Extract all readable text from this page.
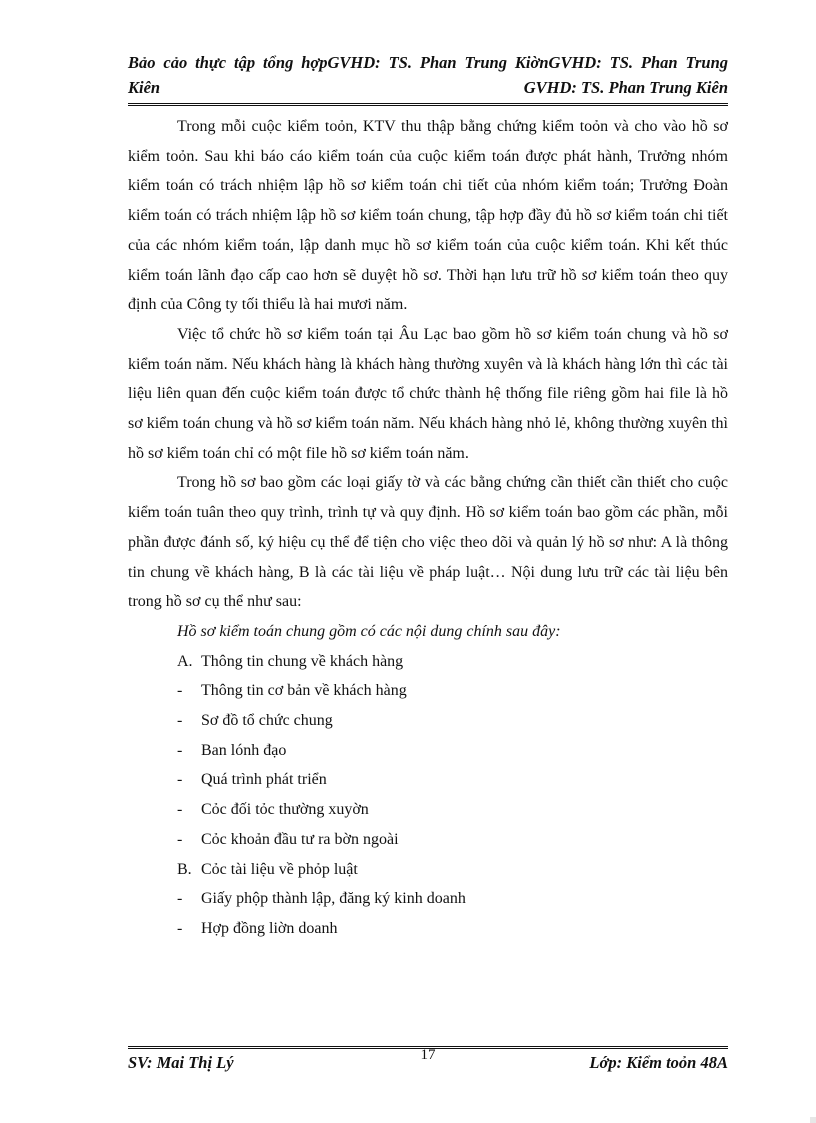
Bảo cảo thực tập tổng hợpGVHD: TS. Phan Trung KiờnGVHD: TS. Phan Trung
Kiên	GVHD: TS. Phan Trung Kiên

Trong mỗi cuộc kiểm toỏn, KTV thu thập bằng chứng kiểm toỏn và cho vào hồ sơ kiểm toỏn. Sau khi báo cáo kiểm toán của cuộc kiểm toán được phát hành, Trưởng nhóm kiểm toán có trách nhiệm lập hồ sơ kiểm toán chi tiết của nhóm kiểm toán; Trưởng Đoàn kiểm toán có trách nhiệm lập hồ sơ kiểm toán chung, tập hợp đầy đủ hồ sơ kiểm toán chi tiết của các nhóm kiểm toán, lập danh mục hồ sơ kiểm toán của cuộc kiểm toán. Khi kết thúc kiểm toán lãnh đạo cấp cao hơn sẽ duyệt hồ sơ. Thời hạn lưu trữ hồ sơ kiểm toán theo quy định của Công ty tối thiểu là hai mươi năm.

Việc tổ chức hồ sơ kiểm toán tại Âu Lạc bao gồm hồ sơ kiểm toán chung và hồ sơ kiểm toán năm. Nếu khách hàng là khách hàng thường xuyên và là khách hàng lớn thì các tài liệu liên quan đến cuộc kiểm toán được tổ chức thành hệ thống file riêng gồm hai file là hồ sơ kiểm toán chung và hồ sơ kiểm toán năm. Nếu khách hàng nhỏ lẻ, không thường xuyên thì hồ sơ kiểm toán chỉ có một file hồ sơ kiểm toán năm.

Trong hồ sơ bao gồm các loại giấy tờ và các bằng chứng cần thiết cần thiết cho cuộc kiểm toán tuân theo quy trình, trình tự và quy định. Hồ sơ kiểm toán bao gồm các phần, mỗi phần được đánh số, ký hiệu cụ thể để tiện cho việc theo dõi và quản lý hồ sơ như: A là thông tin chung về khách hàng, B là các tài liệu về pháp luật… Nội dung lưu trữ các tài liệu bên trong hồ sơ cụ thể như sau:

Hồ sơ kiểm toán chung gồm có các nội dung chính sau đây:

A. Thông tin chung về khách hàng
-	Thông tin cơ bản về khách hàng
-	Sơ đồ tổ chức chung
-	Ban lónh đạo
-	Quá trình phát triển
-	Cỏc đối tỏc thường xuyờn
-	Cỏc khoản đầu tư ra bờn ngoài
B. Cỏc tài liệu về phỏp luật
-	Giấy phộp thành lập, đăng ký kinh doanh
-	Hợp đồng liờn doanh
SV: Mai Thị Lý	17	Lớp: Kiểm toỏn 48A
